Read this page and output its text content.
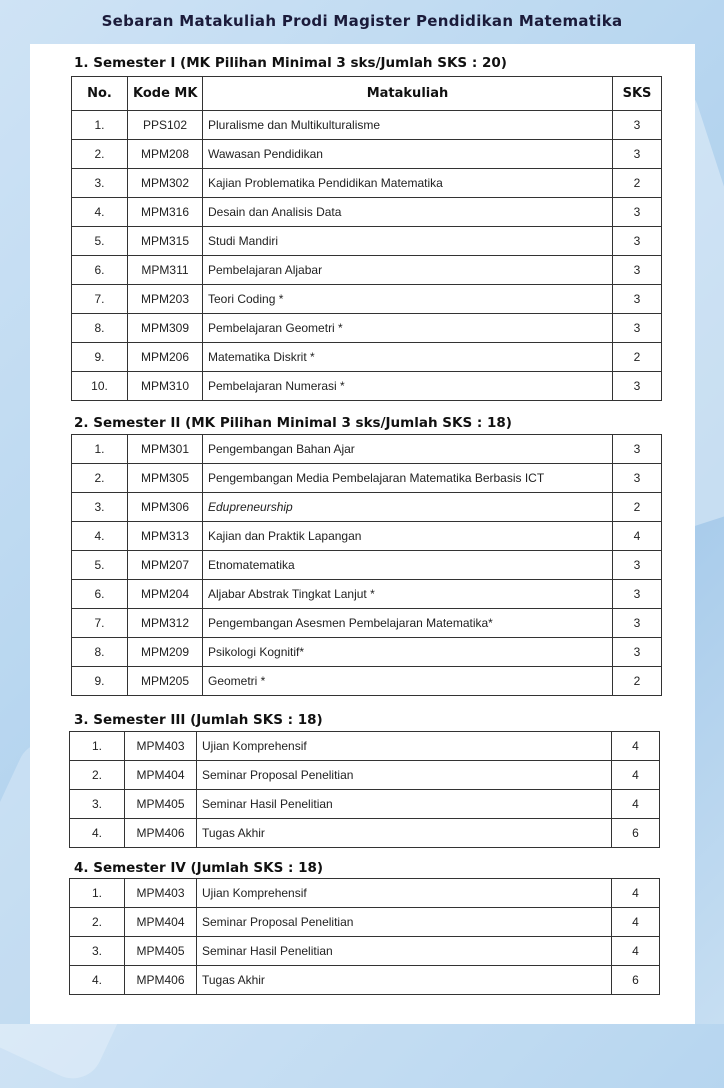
Sebaran Matakuliah Prodi Magister Pendidikan Matematika
1. Semester I (MK Pilihan Minimal 3 sks/Jumlah SKS : 20)
No.	Kode MK	Matakuliah	SKS
1.	PPS102	Pluralisme dan Multikulturalisme	3
2.	MPM208	Wawasan Pendidikan	3
3.	MPM302	Kajian Problematika Pendidikan Matematika	2
4.	MPM316	Desain dan Analisis Data	3
5.	MPM315	Studi Mandiri	3
6.	MPM311	Pembelajaran Aljabar	3
7.	MPM203	Teori Coding *	3
8.	MPM309	Pembelajaran Geometri *	3
9.	MPM206	Matematika Diskrit *	2
10.	MPM310	Pembelajaran Numerasi *	3
2. Semester II (MK Pilihan Minimal 3 sks/Jumlah SKS : 18)
1.	MPM301	Pengembangan Bahan Ajar	3
2.	MPM305	Pengembangan Media Pembelajaran Matematika Berbasis ICT	3
3.	MPM306	Edupreneurship	2
4.	MPM313	Kajian dan Praktik Lapangan	4
5.	MPM207	Etnomatematika	3
6.	MPM204	Aljabar Abstrak Tingkat Lanjut *	3
7.	MPM312	Pengembangan Asesmen Pembelajaran Matematika*	3
8.	MPM209	Psikologi Kognitif*	3
9.	MPM205	Geometri *	2
3. Semester III (Jumlah SKS : 18)
1.	MPM403	Ujian Komprehensif	4
2.	MPM404	Seminar Proposal Penelitian	4
3.	MPM405	Seminar Hasil Penelitian	4
4.	MPM406	Tugas Akhir	6
4. Semester IV (Jumlah SKS : 18)
1.	MPM403	Ujian Komprehensif	4
2.	MPM404	Seminar Proposal Penelitian	4
3.	MPM405	Seminar Hasil Penelitian	4
4.	MPM406	Tugas Akhir	6
